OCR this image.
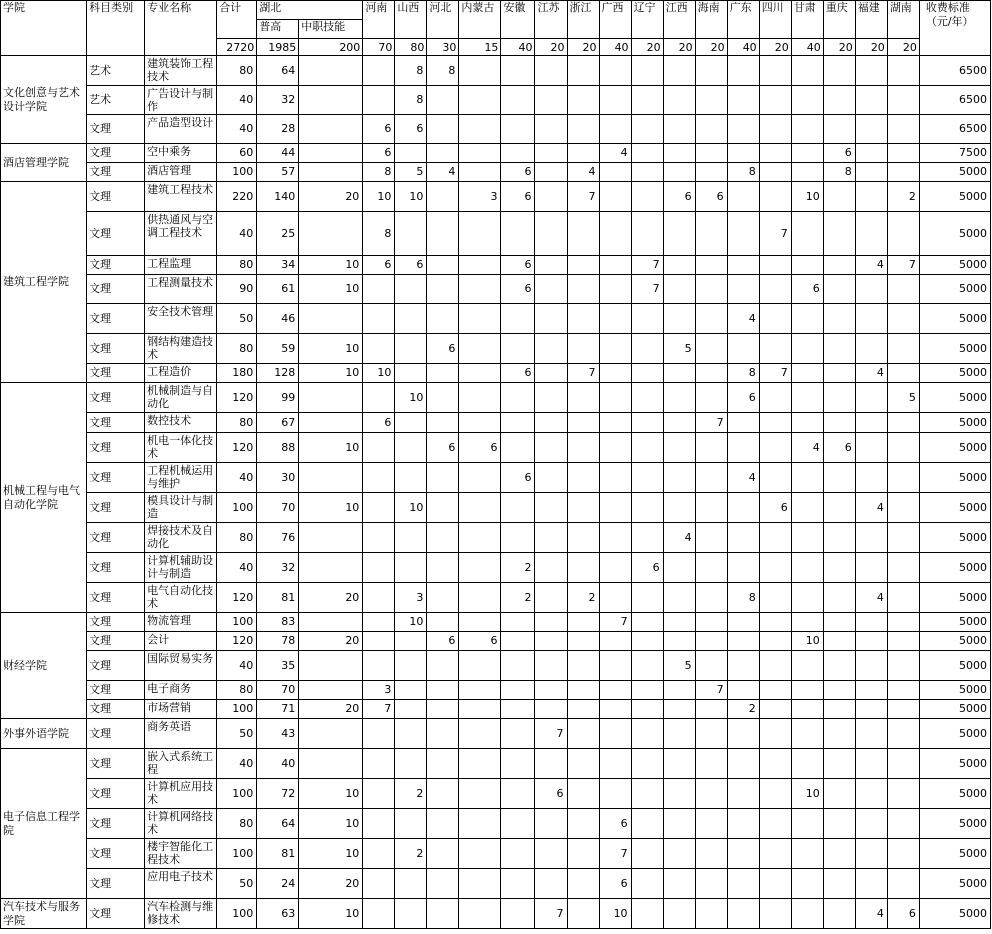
学院	科目类别	专业名称	合计	湖北		河南	山西	河北	内蒙古	安徽	江苏	浙江	广西	辽宁	江西	海南	广东	四川	甘肃	重庆	福建	湖南	收费标准（元/年）
				普高	中职技能																		
			2720	1985	200	70	80	30	15	40	20	20	40	20	20	20	40	20	40	20	20	20	
文化创意与艺术设计学院	艺术	建筑装饰工程技术	80	64			8	8															6500
	艺术	广告设计与制作	40	32			8																6500
	文理	产品造型设计	40	28		6	6																6500
酒店管理学院	文理	空中乘务	60	44		6							4							6			7500
	文理	酒店管理	100	57		8	5	4		6		4					8			8			5000
建筑工程学院	文理	建筑工程技术	220	140	20	10	10		3	6		7			6	6			10			2	5000
	文理	供热通风与空调工程技术	40	25		8												7					5000
	文理	工程监理	80	34	10	6	6			6				7							4	7	5000
	文理	工程测量技术	90	61	10					6				7					6				5000
	文理	安全技术管理	50	46													4						5000
	文理	钢结构建造技术	80	59	10			6							5								5000
	文理	工程造价	180	128	10	10				6		7					8	7			4		5000
机械工程与电气自动化学院	文理	机械制造与自动化	120	99			10										6					5	5000
	文理	数控技术	80	67		6										7							5000
	文理	机电一体化技术	120	88	10			6	6										4	6			5000
	文理	工程机械运用与维护	40	30						6							4						5000
	文理	模具设计与制造	100	70	10		10											6			4		5000
	文理	焊接技术及自动化	80	76											4								5000
	文理	计算机辅助设计与制造	40	32						2				6									5000
	文理	电气自动化技术	120	81	20		3			2		2					8				4		5000
财经学院	文理	物流管理	100	83			10						7										5000
	文理	会计	120	78	20			6	6										10				5000
	文理	国际贸易实务	40	35											5								5000
	文理	电子商务	80	70		3										7							5000
	文理	市场营销	100	71	20	7											2						5000
外事外语学院	文理	商务英语	50	43							7												5000
电子信息工程学院	文理	嵌入式系统工程	40	40																			5000
	文理	计算机应用技术	100	72	10		2				6								10				5000
	文理	计算机网络技术	80	64	10								6										5000
	文理	楼宇智能化工程技术	100	81	10		2						7										5000
	文理	应用电子技术	50	24	20								6										5000
汽车技术与服务学院	文理	汽车检测与维修技术	100	63	10						7		10								4	6	5000
